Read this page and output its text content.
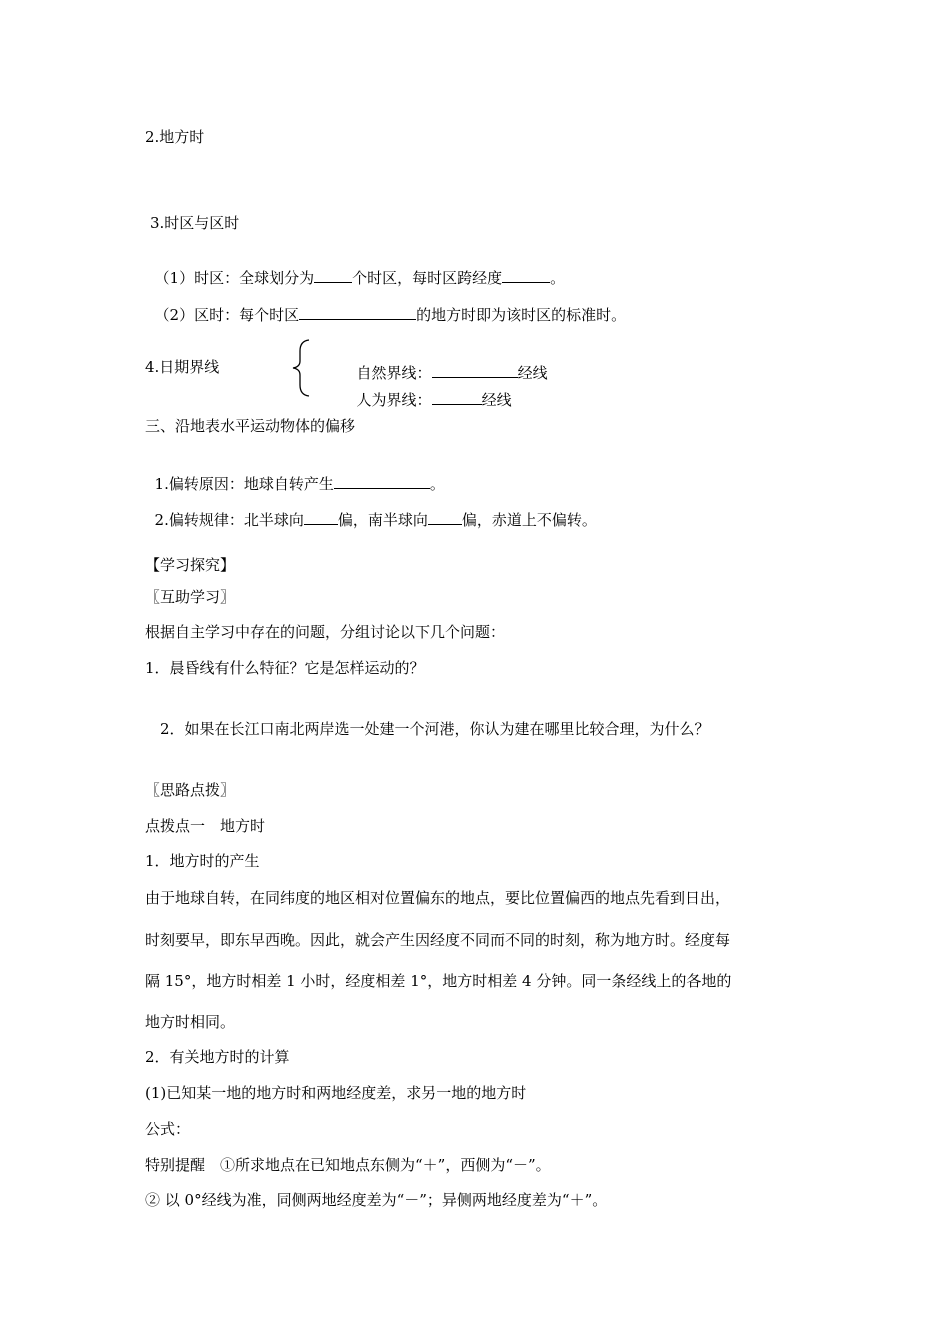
2.地方时
3.时区与区时

（1）时区：全球划分为	个时区，每时区跨经度	。

（2）区时：每个时区	的地方时即为该时区的标准时。

4.日期界线	自然界线：	经线

人为界线：	经线

三、沿地表水平运动物体的偏移

1.偏转原因：地球自转产生	。

2.偏转规律：北半球向 偏，南半球向 偏，赤道上不偏转。

【学习探究】
〖互助学习〗
根据自主学习中存在的问题，分组讨论以下几个问题：
1．晨昏线有什么特征？它是怎样运动的？
2．如果在长江口南北两岸选一处建一个河港，你认为建在哪里比较合理，为什么？
〖思路点拨〗
点拨点一　地方时
1．地方时的产生
由于地球自转，在同纬度的地区相对位置偏东的地点，要比位置偏西的地点先看到日出，
时刻要早，即东早西晚。因此，就会产生因经度不同而不同的时刻，称为地方时。经度每
隔 15°，地方时相差 1 小时，经度相差 1°，地方时相差 4 分钟。同一条经线上的各地的
地方时相同。
2．有关地方时的计算
(1)已知某一地的地方时和两地经度差，求另一地的地方时
公式：
特别提醒　①所求地点在已知地点东侧为“＋”，西侧为“－”。
② 以 0°经线为准，同侧两地经度差为“－”；异侧两地经度差为“＋”。
